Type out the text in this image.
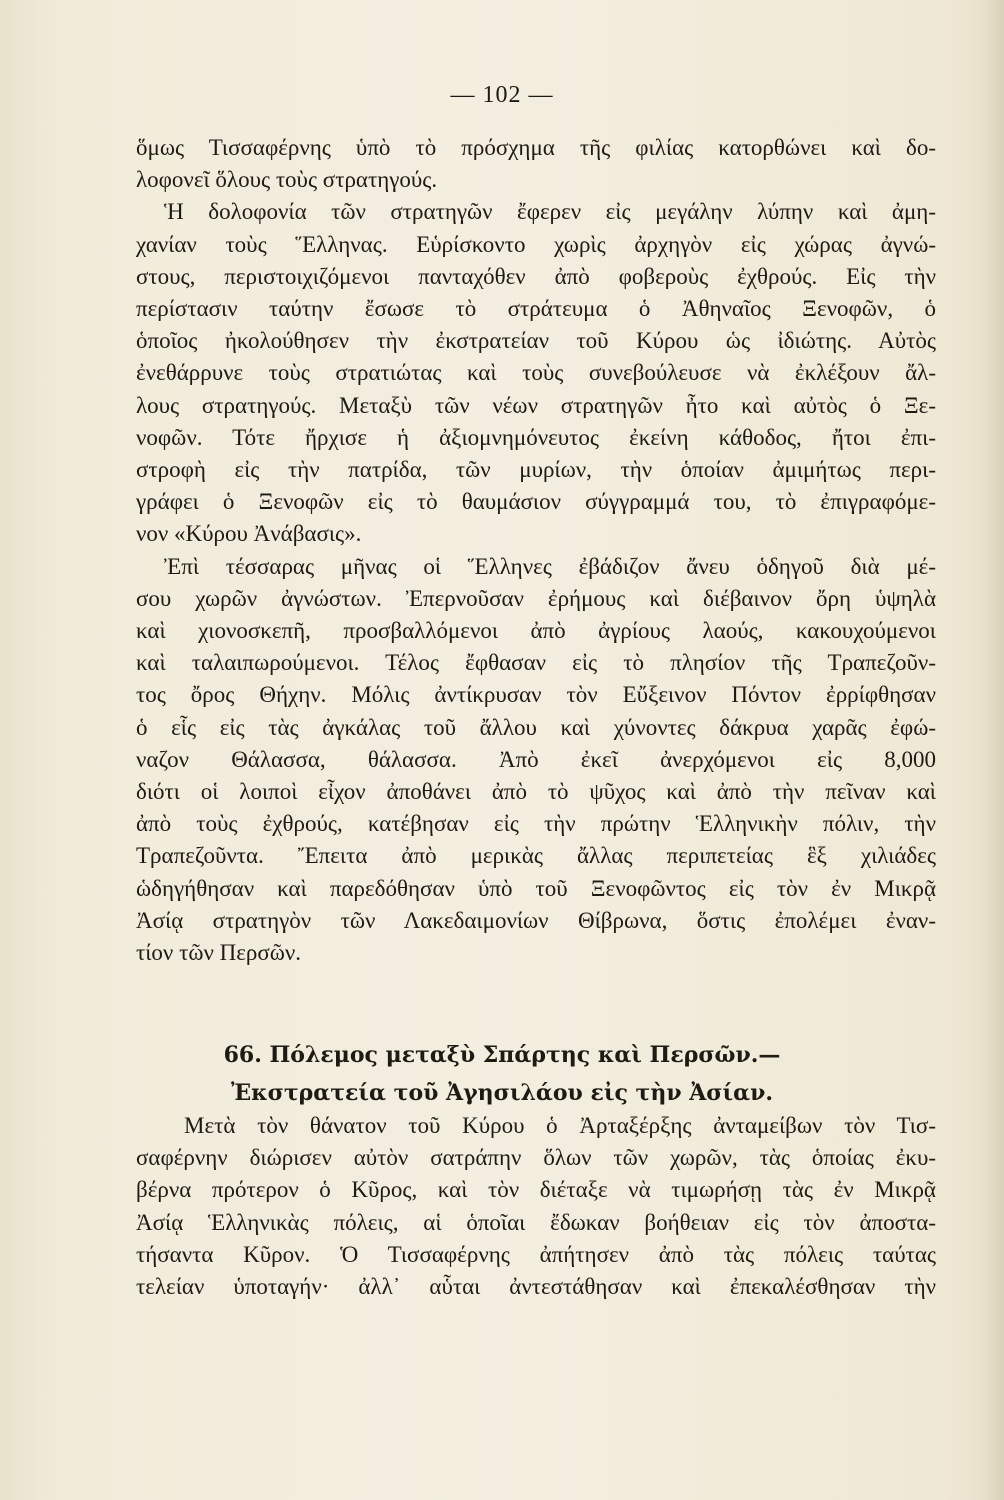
— 102 —
ὅμως Τισσαφέρνης ὑπὸ τὸ πρόσχημα τῆς φιλίας κατορθώνει καὶ δο-
λοφονεῖ ὅλους τοὺς στρατηγούς.
Ἡ δολοφονία τῶν στρατηγῶν ἔφερεν εἰς μεγάλην λύπην καὶ ἀμη-
χανίαν τοὺς Ἕλληνας. Εὑρίσκοντο χωρὶς ἀρχηγὸν εἰς χώρας ἀγνώ-
στους, περιστοιχιζόμενοι πανταχόθεν ἀπὸ φοβεροὺς ἐχθρούς. Εἰς τὴν
περίστασιν ταύτην ἔσωσε τὸ στράτευμα ὁ Ἀθηναῖος Ξενοφῶν, ὁ
ὁποῖος ἠκολούθησεν τὴν ἐκστρατείαν τοῦ Κύρου ὡς ἰδιώτης. Αὐτὸς
ἐνεθάρρυνε τοὺς στρατιώτας καὶ τοὺς συνεβούλευσε νὰ ἐκλέξουν ἄλ-
λους στρατηγούς. Μεταξὺ τῶν νέων στρατηγῶν ἦτο καὶ αὐτὸς ὁ Ξε-
νοφῶν. Τότε ἤρχισε ἡ ἀξιομνημόνευτος ἐκείνη κάθοδος, ἤτοι ἐπι-
στροφὴ εἰς τὴν πατρίδα, τῶν μυρίων, τὴν ὁποίαν ἀμιμήτως περι-
γράφει ὁ Ξενοφῶν εἰς τὸ θαυμάσιον σύγγραμμά του, τὸ ἐπιγραφόμε-
νον «Κύρου Ἀνάβασις».
Ἐπὶ τέσσαρας μῆνας οἱ Ἕλληνες ἐβάδιζον ἄνευ ὁδηγοῦ διὰ μέ-
σου χωρῶν ἀγνώστων. Ἐπερνοῦσαν ἐρήμους καὶ διέβαινον ὄρη ὑψηλὰ
καὶ χιονοσκεπῆ, προσβαλλόμενοι ἀπὸ ἀγρίους λαούς, κακουχούμενοι
καὶ ταλαιπωρούμενοι. Τέλος ἔφθασαν εἰς τὸ πλησίον τῆς Τραπεζοῦν-
τος ὄρος Θήχην. Μόλις ἀντίκρυσαν τὸν Εὔξεινον Πόντον ἐρρίφθησαν
ὁ εἷς εἰς τὰς ἀγκάλας τοῦ ἄλλου καὶ χύνοντες δάκρυα χαρᾶς ἐφώ-
ναζον Θάλασσα, θάλασσα. Ἀπὸ ἐκεῖ ἀνερχόμενοι εἰς 8,000
διότι οἱ λοιποὶ εἶχον ἀποθάνει ἀπὸ τὸ ψῦχος καὶ ἀπὸ τὴν πεῖναν καὶ
ἀπὸ τοὺς ἐχθρούς, κατέβησαν εἰς τὴν πρώτην Ἑλληνικὴν πόλιν, τὴν
Τραπεζοῦντα. Ἔπειτα ἀπὸ μερικὰς ἄλλας περιπετείας ἓξ χιλιάδες
ὡδηγήθησαν καὶ παρεδόθησαν ὑπὸ τοῦ Ξενοφῶντος εἰς τὸν ἐν Μικρᾷ
Ἀσίᾳ στρατηγὸν τῶν Λακεδαιμονίων Θίβρωνα, ὅστις ἐπολέμει ἐναν-
τίον τῶν Περσῶν.
66. Πόλεμος μεταξὺ Σπάρτης καὶ Περσῶν.—
Ἐκστρατεία τοῦ Ἀγησιλάου εἰς τὴν Ἀσίαν.
Μετὰ τὸν θάνατον τοῦ Κύρου ὁ Ἀρταξέρξης ἀνταμείβων τὸν Τισ-
σαφέρνην διώρισεν αὐτὸν σατράπην ὅλων τῶν χωρῶν, τὰς ὁποίας ἐκυ-
βέρνα πρότερον ὁ Κῦρος, καὶ τὸν διέταξε νὰ τιμωρήσῃ τὰς ἐν Μικρᾷ
Ἀσίᾳ Ἑλληνικὰς πόλεις, αἱ ὁποῖαι ἔδωκαν βοήθειαν εἰς τὸν ἀποστα-
τήσαντα Κῦρον. Ὁ Τισσαφέρνης ἀπήτησεν ἀπὸ τὰς πόλεις ταύτας
τελείαν ὑποταγήν· ἀλλ᾽ αὗται ἀντεστάθησαν καὶ ἐπεκαλέσθησαν τὴν
